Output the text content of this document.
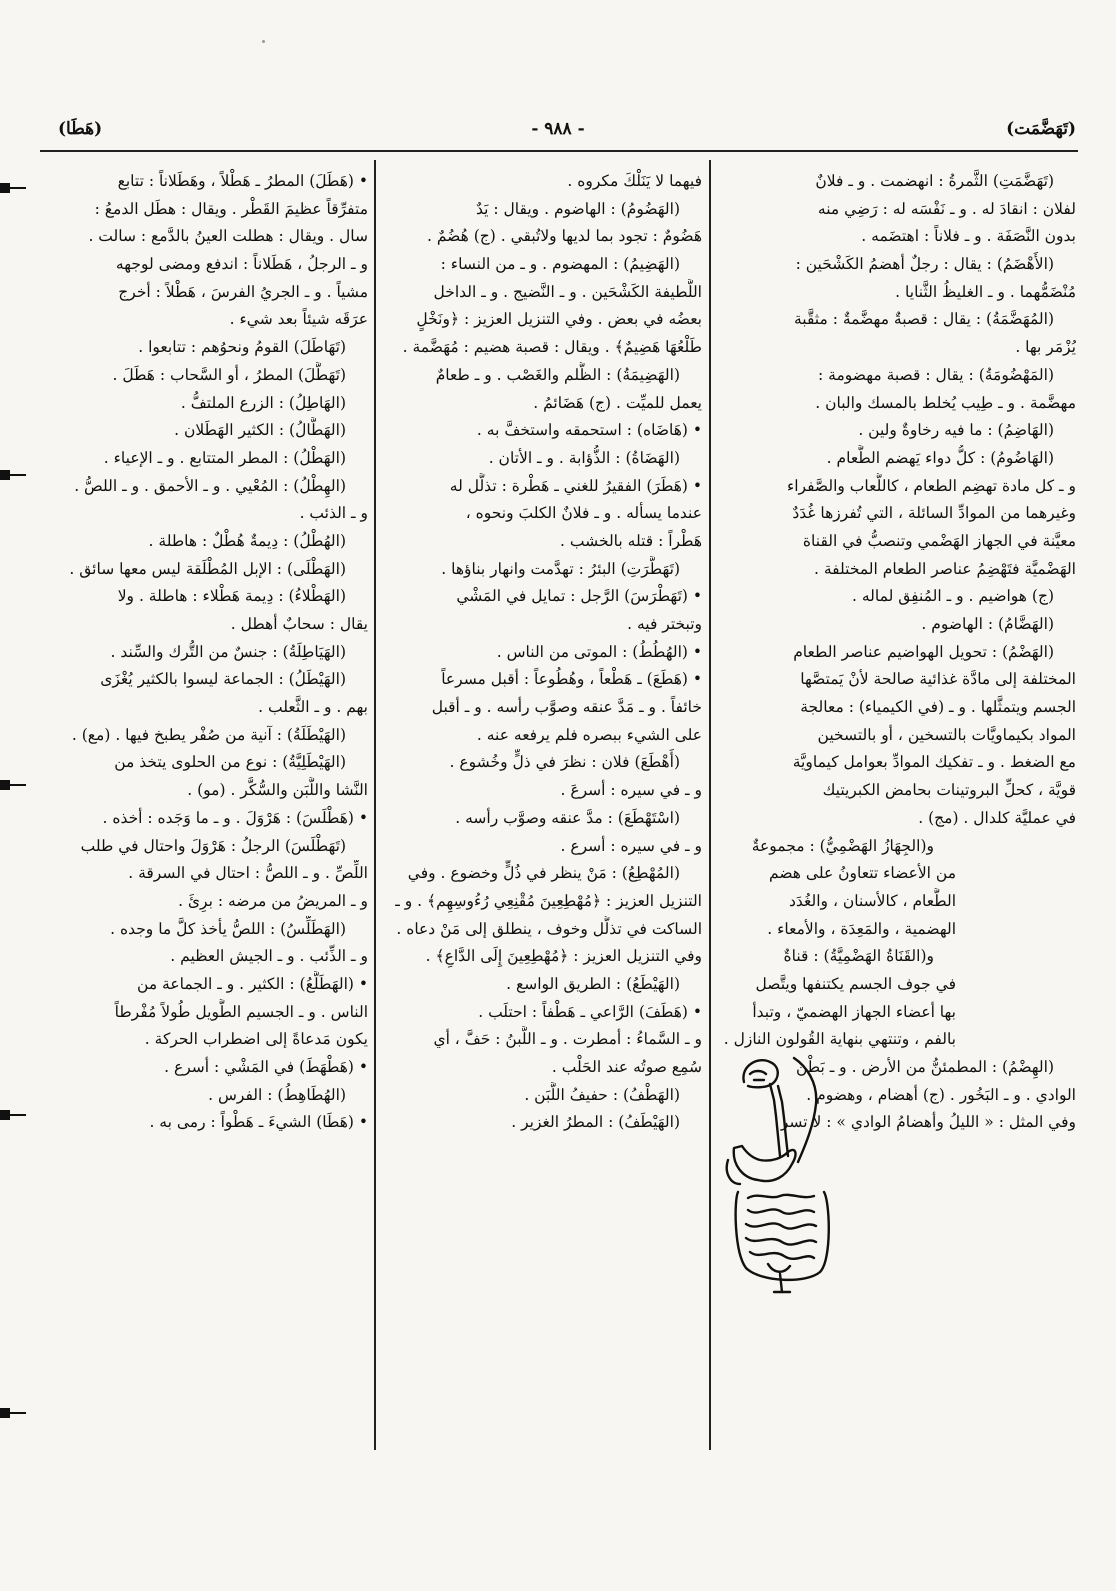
(تَهَضَّمَت)
- ٩٨٨ -
(هَطَا)
(تَهَضَّمَتِ) الثَّمرةُ : انهضمت . و ـ فلانٌ
لفلان : انقادَ له . و ـ نَفْسَه له : رَضِي منه
بدون النَّصَفَة . و ـ فلاناً : اهتضَمه .
(الأَهْضَمُ) : يقال : رجلٌ أهضمُ الكَشْحَين :
مُنْضَمُّهما . و ـ الغليظُ الثَّنايا .
(المُهَضَّمَةُ) : يقال : قصبةٌ مهضَّمةٌ : مثقَّبة
يُزْمَر بها .
(المَهْضُومَةُ) : يقال : قصبة مهضومة :
مهضَّمة . و ـ طِيب يُخلط بالمسك والبان .
(الهَاضِمُ) : ما فيه رخاوةٌ ولين .
(الهَاضُومُ) : كلُّ دواء يَهضم الطَّعام .
و ـ كل مادة تهضِم الطعام ، كاللُّعاب والصَّفراء
وغيرهما من الموادِّ السائلة ، التي تُفرزها غُدَدٌ
معيَّنة في الجهاز الهَضْمي وتنصبُّ في القناة
الهَضْميَّة فتَهْضِمُ عناصر الطعام المختلفة .
(ج) هواضيم . و ـ المُنفِق لماله .
(الهَضَّامُ) : الهاضوم .
(الهَضْمُ) : تحويل الهواضيم عناصر الطعام
المختلفة إلى مادَّة غذائية صالحة لأنْ يَمتصَّها
الجسم ويتمثَّلها . و ـ (في الكيمياء) : معالجة
المواد بكيماويَّات بالتسخين ، أو بالتسخين
مع الضغط . و ـ تفكيك الموادِّ بعوامل كيماويَّة
قويَّة ، كحلِّ البروتينات بحامض الكبريتيك
في عمليَّة كلدال . (مج) .
و(الجِهَازُ الهَضْمِيُّ) : مجموعةٌ
من الأعضاء تتعاونُ على هضم
الطَّعام ، كالأسنان ، والغُدَد
الهضمية ، والمَعِدَة ، والأمعاء .
و(القَنَاةُ الهَضْمِيَّةُ) : قناةٌ
في جوف الجسم يكتنفها ويتَّصل
بها أعضاء الجهاز الهضميّ ، وتبدأ
بالفم ، وتنتهي بنهاية القُولون النازل .
(الهِضْمُ) : المطمئنُّ من الأرض . و ـ بَطْن
الوادي . و ـ البَخُور . (ج) أهضام ، وهضوم .
وفي المثل : « الليلُ وأهضامُ الوادي » : لا تسر
فيهما لا يَنَلْكَ مكروه .
(الهَضُومُ) : الهاضوم . ويقال : يَدٌ
هَضُومٌ : تجود بما لديها ولاتُبقي . (ج) هُضُمٌ .
(الهَضِيمُ) : المهضوم . و ـ من النساء :
اللَّطيفة الكَشْحَين . و ـ النَّضيج . و ـ الداخل
بعضُه في بعض . وفي التنزيل العزيز : ﴿ونَخْلٍ
طَلْعُهَا هَضِيمٌ﴾ . ويقال : قصبة هضيم : مُهَضَّمة .
(الهَضِيمَةُ) : الظُّلم والغَصْب . و ـ طعامٌ
يعمل للميِّت . (ج) هَضَائمُ .
• (هَاضَاه) : استحمقه واستخفَّ به .
(الهَضَاةُ) : الذُّؤابة . و ـ الأتان .
• (هَطَرَ) الفقيرُ للغني ـ هَطْرة : تذلَّل له
عندما يسأله . و ـ فلانٌ الكلبَ ونحوه ،
هَطْراً : قتله بالخشب .
(تَهَطَّرَتِ) البئرُ : تهدَّمت وانهار بناؤها .
• (تَهَطْرَسَ) الرَّجل : تمايل في المَشْي
وتبختر فيه .
• (الهُطُطُ) : الموتى من الناس .
• (هَطَعَ) ـ هَطْعاً ، وهُطُوعاً : أقبل مسرعاً
خائفاً . و ـ مَدَّ عنقه وصوَّب رأسه . و ـ أقبل
على الشيء ببصره فلم يرفعه عنه .
(أَهْطَعَ) فلان : نظرَ في ذلٍّ وخُشوع .
و ـ في سيره : أسرعَ .
(اسْتَهْطَعَ) : مدَّ عنقه وصوَّب رأسه .
و ـ في سيره : أسرع .
(المُهْطِعُ) : مَنْ ينظر في ذُلٍّ وخضوع . وفي
التنزيل العزيز : ﴿مُهْطِعِينَ مُقْنِعِي رُءُوسِهِم﴾ . و ـ
الساكت في تذلُّل وخوف ، ينطلق إلى مَنْ دعاه .
وفي التنزيل العزيز : ﴿مُهْطِعِينَ إِلَى الدَّاعِ﴾ .
(الهَيْطَعُ) : الطريق الواسع .
• (هَطَفَ) الرَّاعي ـ هَطْفاً : احتلَب .
و ـ السَّماءُ : أمطرت . و ـ اللَّبنُ : حَفَّ ، أي
سُمِع صوتُه عند الحَلْب .
(الهَطْفُ) : حفيفُ اللَّبَن .
(الهَيْطَفُ) : المطرُ الغزير .
• (هَطَلَ) المطرُ ـ هَطْلاً ، وهَطَلاناً : تتابع
متفرِّقاً عظيمَ القَطْر . ويقال : هطَل الدمعُ :
سال . ويقال : هطلت العينُ بالدَّمع : سالت .
و ـ الرجلُ ، هَطَلاناً : اندفع ومضى لوجهه
مشياً . و ـ الجريُ الفرسَ ، هَطْلاً : أخرج
عرَقَه شيئاً بعد شيء .
(تَهَاطَلَ) القومُ ونحوُهم : تتابعوا .
(تَهَطَّلَ) المطرُ ، أو السَّحاب : هَطَلَ .
(الهَاطِلُ) : الزرع الملتفُّ .
(الهَطَّالُ) : الكثير الهَطَلان .
(الهَطْلُ) : المطر المتتابع . و ـ الإعياء .
(الهِطْلُ) : المُعْيي . و ـ الأحمق . و ـ اللصُّ .
و ـ الذئب .
(الهُطْلُ) : دِيمةٌ هُطْلٌ : هاطلة .
(الهَطْلَى) : الإبل المُطْلَقة ليس معها سائق .
(الهَطْلاءُ) : دِيمة هَطْلاء : هاطلة . ولا
يقال : سحابٌ أهطل .
(الهَيَاطِلَةُ) : جنسٌ من التُّرك والسِّند .
(الهَيْطَلُ) : الجماعة ليسوا بالكثير يُغْزَى
بهم . و ـ الثَّعلب .
(الهَيْطَلَةُ) : آنية من صُفْر يطبخ فيها . (مع) .
(الهَيْطَلِيَّةُ) : نوع من الحلوى يتخذ من
النَّشا واللَّبَن والسُّكَّر . (مو) .
• (هَطْلَسَ) : هَرْوَلَ . و ـ ما وَجَده : أخذه .
(تَهَطْلَسَ) الرجلُ : هَرْوَلَ واحتال في طلب
اللِّصِّ . و ـ اللصُّ : احتال في السرقة .
و ـ المريضُ من مرضه : برِئَ .
(الهَطَلِّسُ) : اللصُّ يأخذ كلَّ ما وجده .
و ـ الذِّئب . و ـ الجيش العظيم .
• (الهَطَلَّعُ) : الكثير . و ـ الجماعة من
الناس . و ـ الجسيم الطَّويل طُولاً مُفْرطاً
يكون مَدعاةً إلى اضطراب الحركة .
• (هَطْهَطَ) في المَشْي : أسرع .
(الهُطَاهِطُ) : الفرس .
• (هَطَا) الشيءَ ـ هَطْواً : رمى به .
